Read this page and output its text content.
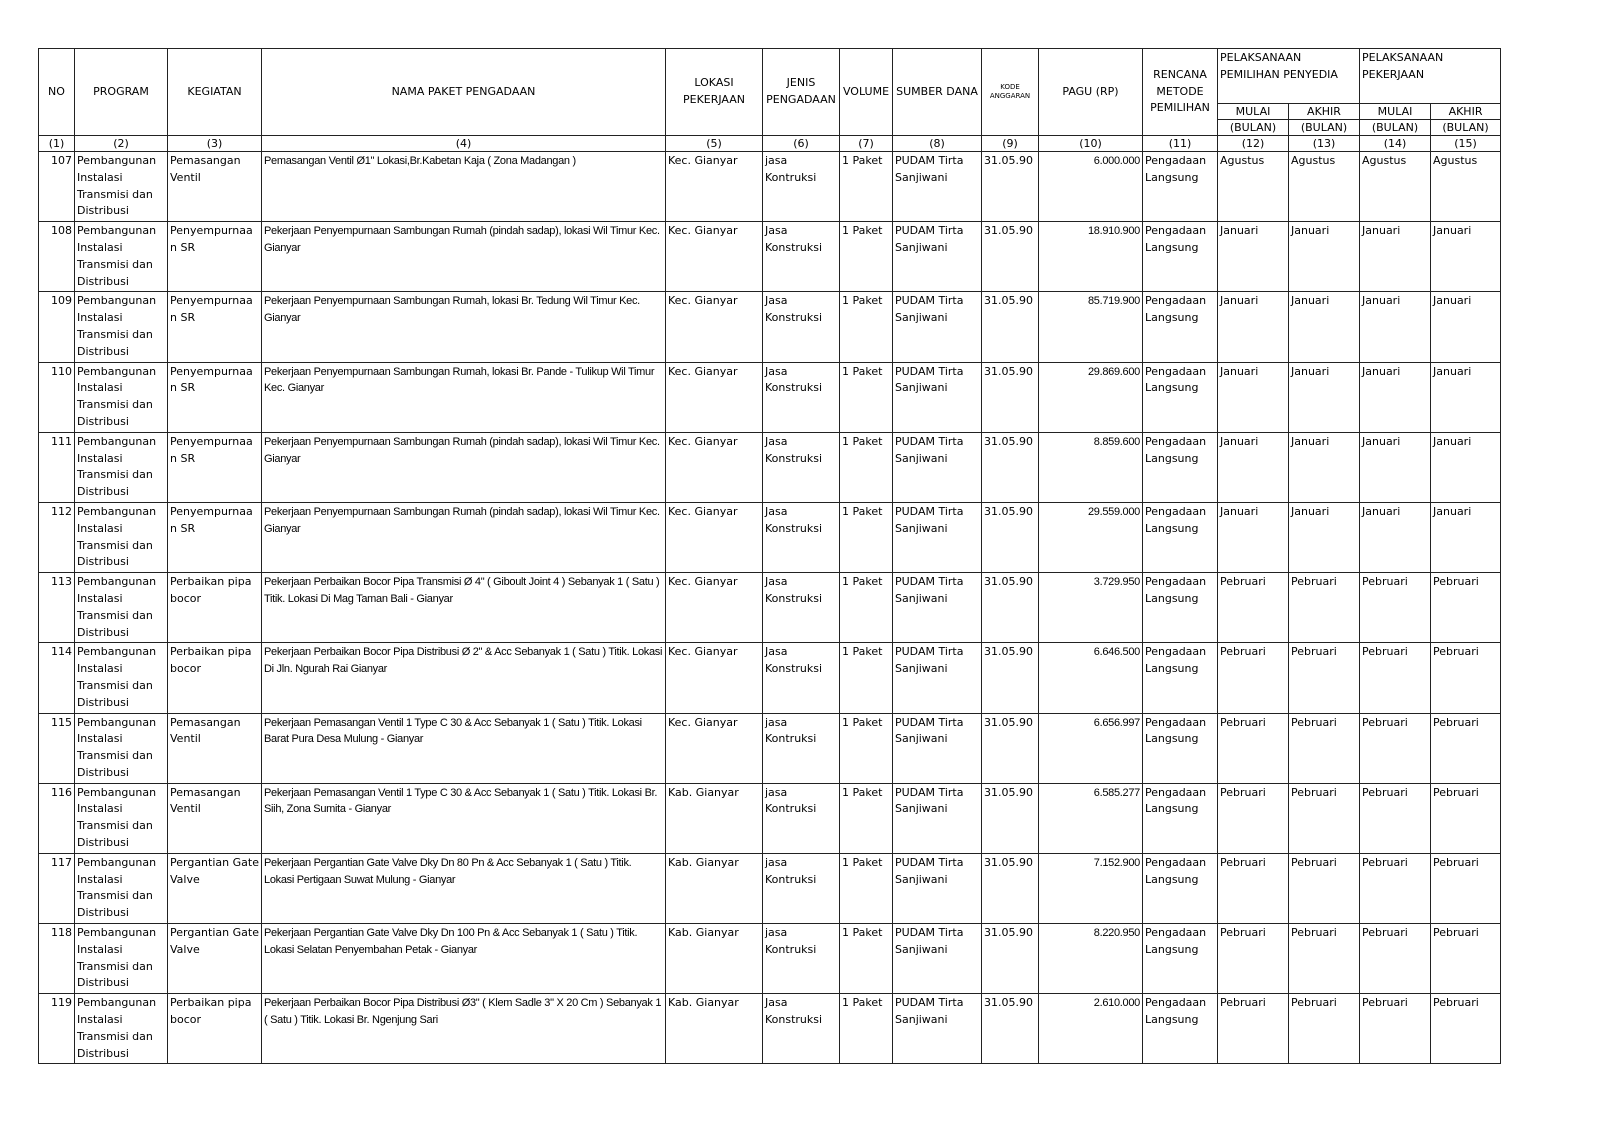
NO	PROGRAM	KEGIATAN	NAMA PAKET PENGADAAN	LOKASI PEKERJAAN	JENIS PENGADAAN	VOLUME	SUMBER DANA	KODE ANGGARAN	PAGU (RP)	RENCANA METODE PEMILIHAN	PELAKSANAAN PEMILIHAN PENYEDIA		PELAKSANAAN PEKERJAAN	
											MULAI	AKHIR	MULAI	AKHIR
											(BULAN)	(BULAN)	(BULAN)	(BULAN)
(1)	(2)	(3)	(4)	(5)	(6)	(7)	(8)	(9)	(10)	(11)	(12)	(13)	(14)	(15)
107	Pembangunan Instalasi Transmisi dan Distribusi	Pemasangan Ventil	Pemasangan Ventil Ø1" Lokasi,Br.Kabetan Kaja ( Zona Madangan )	Kec. Gianyar	jasa Kontruksi	1 Paket	PUDAM Tirta Sanjiwani	31.05.90	6.000.000	Pengadaan Langsung	Agustus	Agustus	Agustus	Agustus
108	Pembangunan Instalasi Transmisi dan Distribusi	Penyempurnaan SR	Pekerjaan Penyempurnaan Sambungan Rumah (pindah sadap), lokasi Wil Timur Kec. Gianyar	Kec. Gianyar	Jasa Konstruksi	1 Paket	PUDAM Tirta Sanjiwani	31.05.90	18.910.900	Pengadaan Langsung	Januari	Januari	Januari	Januari
109	Pembangunan Instalasi Transmisi dan Distribusi	Penyempurnaan SR	Pekerjaan Penyempurnaan Sambungan Rumah, lokasi Br. Tedung Wil Timur Kec. Gianyar	Kec. Gianyar	Jasa Konstruksi	1 Paket	PUDAM Tirta Sanjiwani	31.05.90	85.719.900	Pengadaan Langsung	Januari	Januari	Januari	Januari
110	Pembangunan Instalasi Transmisi dan Distribusi	Penyempurnaan SR	Pekerjaan Penyempurnaan Sambungan Rumah, lokasi Br. Pande - Tulikup Wil Timur Kec. Gianyar	Kec. Gianyar	Jasa Konstruksi	1 Paket	PUDAM Tirta Sanjiwani	31.05.90	29.869.600	Pengadaan Langsung	Januari	Januari	Januari	Januari
111	Pembangunan Instalasi Transmisi dan Distribusi	Penyempurnaan SR	Pekerjaan Penyempurnaan Sambungan Rumah (pindah sadap), lokasi Wil Timur Kec. Gianyar	Kec. Gianyar	Jasa Konstruksi	1 Paket	PUDAM Tirta Sanjiwani	31.05.90	8.859.600	Pengadaan Langsung	Januari	Januari	Januari	Januari
112	Pembangunan Instalasi Transmisi dan Distribusi	Penyempurnaan SR	Pekerjaan Penyempurnaan Sambungan Rumah (pindah sadap), lokasi Wil Timur Kec. Gianyar	Kec. Gianyar	Jasa Konstruksi	1 Paket	PUDAM Tirta Sanjiwani	31.05.90	29.559.000	Pengadaan Langsung	Januari	Januari	Januari	Januari
113	Pembangunan Instalasi Transmisi dan Distribusi	Perbaikan pipa bocor	Pekerjaan Perbaikan Bocor Pipa Transmisi Ø 4" ( Giboult Joint 4 ) Sebanyak 1 ( Satu ) Titik. Lokasi Di Mag Taman Bali - Gianyar	Kec. Gianyar	Jasa Konstruksi	1 Paket	PUDAM Tirta Sanjiwani	31.05.90	3.729.950	Pengadaan Langsung	Pebruari	Pebruari	Pebruari	Pebruari
114	Pembangunan Instalasi Transmisi dan Distribusi	Perbaikan pipa bocor	Pekerjaan Perbaikan Bocor Pipa Distribusi Ø 2" & Acc Sebanyak 1 ( Satu ) Titik. Lokasi Di Jln. Ngurah Rai Gianyar	Kec. Gianyar	Jasa Konstruksi	1 Paket	PUDAM Tirta Sanjiwani	31.05.90	6.646.500	Pengadaan Langsung	Pebruari	Pebruari	Pebruari	Pebruari
115	Pembangunan Instalasi Transmisi dan Distribusi	Pemasangan Ventil	Pekerjaan Pemasangan Ventil 1 Type C 30 & Acc Sebanyak 1 ( Satu ) Titik. Lokasi Barat Pura Desa Mulung - Gianyar	Kec. Gianyar	jasa Kontruksi	1 Paket	PUDAM Tirta Sanjiwani	31.05.90	6.656.997	Pengadaan Langsung	Pebruari	Pebruari	Pebruari	Pebruari
116	Pembangunan Instalasi Transmisi dan Distribusi	Pemasangan Ventil	Pekerjaan Pemasangan Ventil 1 Type C 30 & Acc Sebanyak 1 ( Satu ) Titik. Lokasi Br. Siih, Zona Sumita - Gianyar	Kab. Gianyar	jasa Kontruksi	1 Paket	PUDAM Tirta Sanjiwani	31.05.90	6.585.277	Pengadaan Langsung	Pebruari	Pebruari	Pebruari	Pebruari
117	Pembangunan Instalasi Transmisi dan Distribusi	Pergantian Gate Valve	Pekerjaan Pergantian Gate Valve Dky Dn 80 Pn & Acc Sebanyak 1 ( Satu ) Titik. Lokasi Pertigaan Suwat Mulung - Gianyar	Kab. Gianyar	jasa Kontruksi	1 Paket	PUDAM Tirta Sanjiwani	31.05.90	7.152.900	Pengadaan Langsung	Pebruari	Pebruari	Pebruari	Pebruari
118	Pembangunan Instalasi Transmisi dan Distribusi	Pergantian Gate Valve	Pekerjaan Pergantian Gate Valve Dky Dn 100 Pn & Acc Sebanyak 1 ( Satu ) Titik. Lokasi Selatan Penyembahan Petak - Gianyar	Kab. Gianyar	jasa Kontruksi	1 Paket	PUDAM Tirta Sanjiwani	31.05.90	8.220.950	Pengadaan Langsung	Pebruari	Pebruari	Pebruari	Pebruari
119	Pembangunan Instalasi Transmisi dan Distribusi	Perbaikan pipa bocor	Pekerjaan Perbaikan Bocor Pipa Distribusi Ø3" ( Klem Sadle 3" X 20 Cm ) Sebanyak 1 ( Satu ) Titik. Lokasi Br. Ngenjung Sari	Kab. Gianyar	Jasa Konstruksi	1 Paket	PUDAM Tirta Sanjiwani	31.05.90	2.610.000	Pengadaan Langsung	Pebruari	Pebruari	Pebruari	Pebruari
